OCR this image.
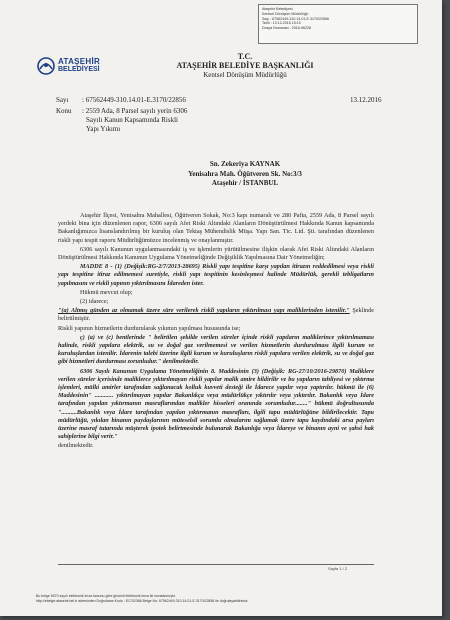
Ataşehir Belediyesi
Kentsel Dönüşüm Müdürlüğü
Sayı : 67562449-310.14.01-E.3170/22856
Tarih : 13.12.2016 15:10
Dosya Numarası : 2016-96228
ATAŞEHİR
BELEDİYESİ
T.C.
ATAŞEHİR BELEDİYE BAŞKANLIĞI
Kentsel Dönüşüm Müdürlüğü
Sayı : 67562449-310.14.01-E.3170/22856
Konu : 2559 Ada, 8 Parsel sayılı yerin 6306
Sayılı Kanun Kapsamında Riskli
Yapı Yıkımı
13.12.2016
Sn. Zekeriya KAYNAK
Yenisahra Mah. Öğütveren Sk. No:3/3
Ataşehir / İSTANBUL

Ataşehir İlçesi, Yenisahra Mahallesi, Öğütveren Sokak, No:3 kapı numaralı ve 280 Pafta, 2559 Ada, 8 Parsel sayılı yerdeki bina için düzenlenen rapor, 6306 sayılı Afet Riski Altındaki Alanların Dönüştürülmesi Hakkında Kanun kapsamında Bakanlığımızca lisanslandırılmış bir kuruluş olan Tektaş Mühendislik Müşa. Yapı San. Tic. Ltd. Şti. tarafından düzenlenen riskli yapı tespit raporu Müdürlüğümüzce incelenmiş ve onaylanmıştır.

6306 sayılı Kanunun uygulanmasındaki iş ve işlemlerin yürütülmesine ilişkin olarak Afet Riski Altındaki Alanların Dönüştürülmesi Hakkında Kanunun Uygulama Yönetmeliğinde Değişiklik Yapılmasına Dair Yönetmeliğin;

MADDE 8 - (1) (Değişik:RG-2/7/2013-28695) Riskli yapı tespitine karşı yapılan itirazın reddedilmesi veya riskli yapı tespitine itiraz edilmemesi suretiyle, riskli yapı tespitinin kesinleşmesi halinde Müdürlük, gerekli tebligatların yapılmasını ve riskli yapının yıktırılmasını İdareden ister.

Hükmü mevcut olup;

(2) idarece;

"(a) Altmış günden az olmamak üzere süre verilerek riskli yapıların yıktırılması yapı maliklerinden istenilir." Şeklinde belirtilmiştir.

Riskli yapının hizmetlerin durdurularak yıkımın yapılması hususunda ise;

ç) (a) ve (c) bentlerinde " belirtilen şekilde verilen süreler içinde riskli yapıların maliklerince yıktırılmaması halinde, riskli yapılara elektrik, su ve doğal gaz verilmemesi ve verilen hizmetlerin durdurulması ilgili kurum ve kuruluşlardan istenilir. İdarenin talebi üzerine ilgili kurum ve kuruluşların riskli yapılara verilen elektrik, su ve doğal gaz gibi hizmetleri durdurması zorunludur." denilmektedir.

6306 Sayılı Kanunun Uygulama Yönetmeliğinin 8. Maddesinin (3) (Değişik: RG-27/10/2016-29870) Maliklere verilen süreler içerisinde maliklerce yıktırılmayan riskli yapılar malik amire bildirilir ve bu yapıların tahliyesi ve yıktırma işlemleri, mülki amirler tarafından sağlanacak kolluk kuvveti desteği ile İdarece yapılır veya yaptırılır. hükmü ile (6) Maddesinin" ............ yıktırılmayan yapılar Bakanlıkça veya müdürlükçe yıktırılır veya yıktırılır. Bakanlık veya İdare tarafından yapılan yıktırmanın masraflarından malikler hisseleri oranında sorumludur........" hükmü doğrultusunda "..........Bakanlık veya İdare tarafından yapılan yıktırmanın masrafları, ilgili tapu müdürlüğüne bildirilecektir. Tapu müdürlüğü, yıkılan binanın paydaşlarının müteselsil sorumlu olmalarını sağlamak üzere tapu kaydındaki arsa payları üzerine masraf tutarında müşterek ipotek belirtmesinde bulunarak Bakanlığa veya İdareye ve binanın ayni ve şahsî hak sahiplerine bilgi verir."

denilmektedir.

Sayfa 1 / 2
Bu belge 5070 sayılı elektronik imza kanunu göre güvenli elektronik imza ile imzalanmıştır.
http://ebelge.atasehir.bel.tr adresinden Doğrulama Kodu : E1702366 Belge No: 67562449-310.14.01-E.3170/22856 ile doğrulayabilirsiniz.
